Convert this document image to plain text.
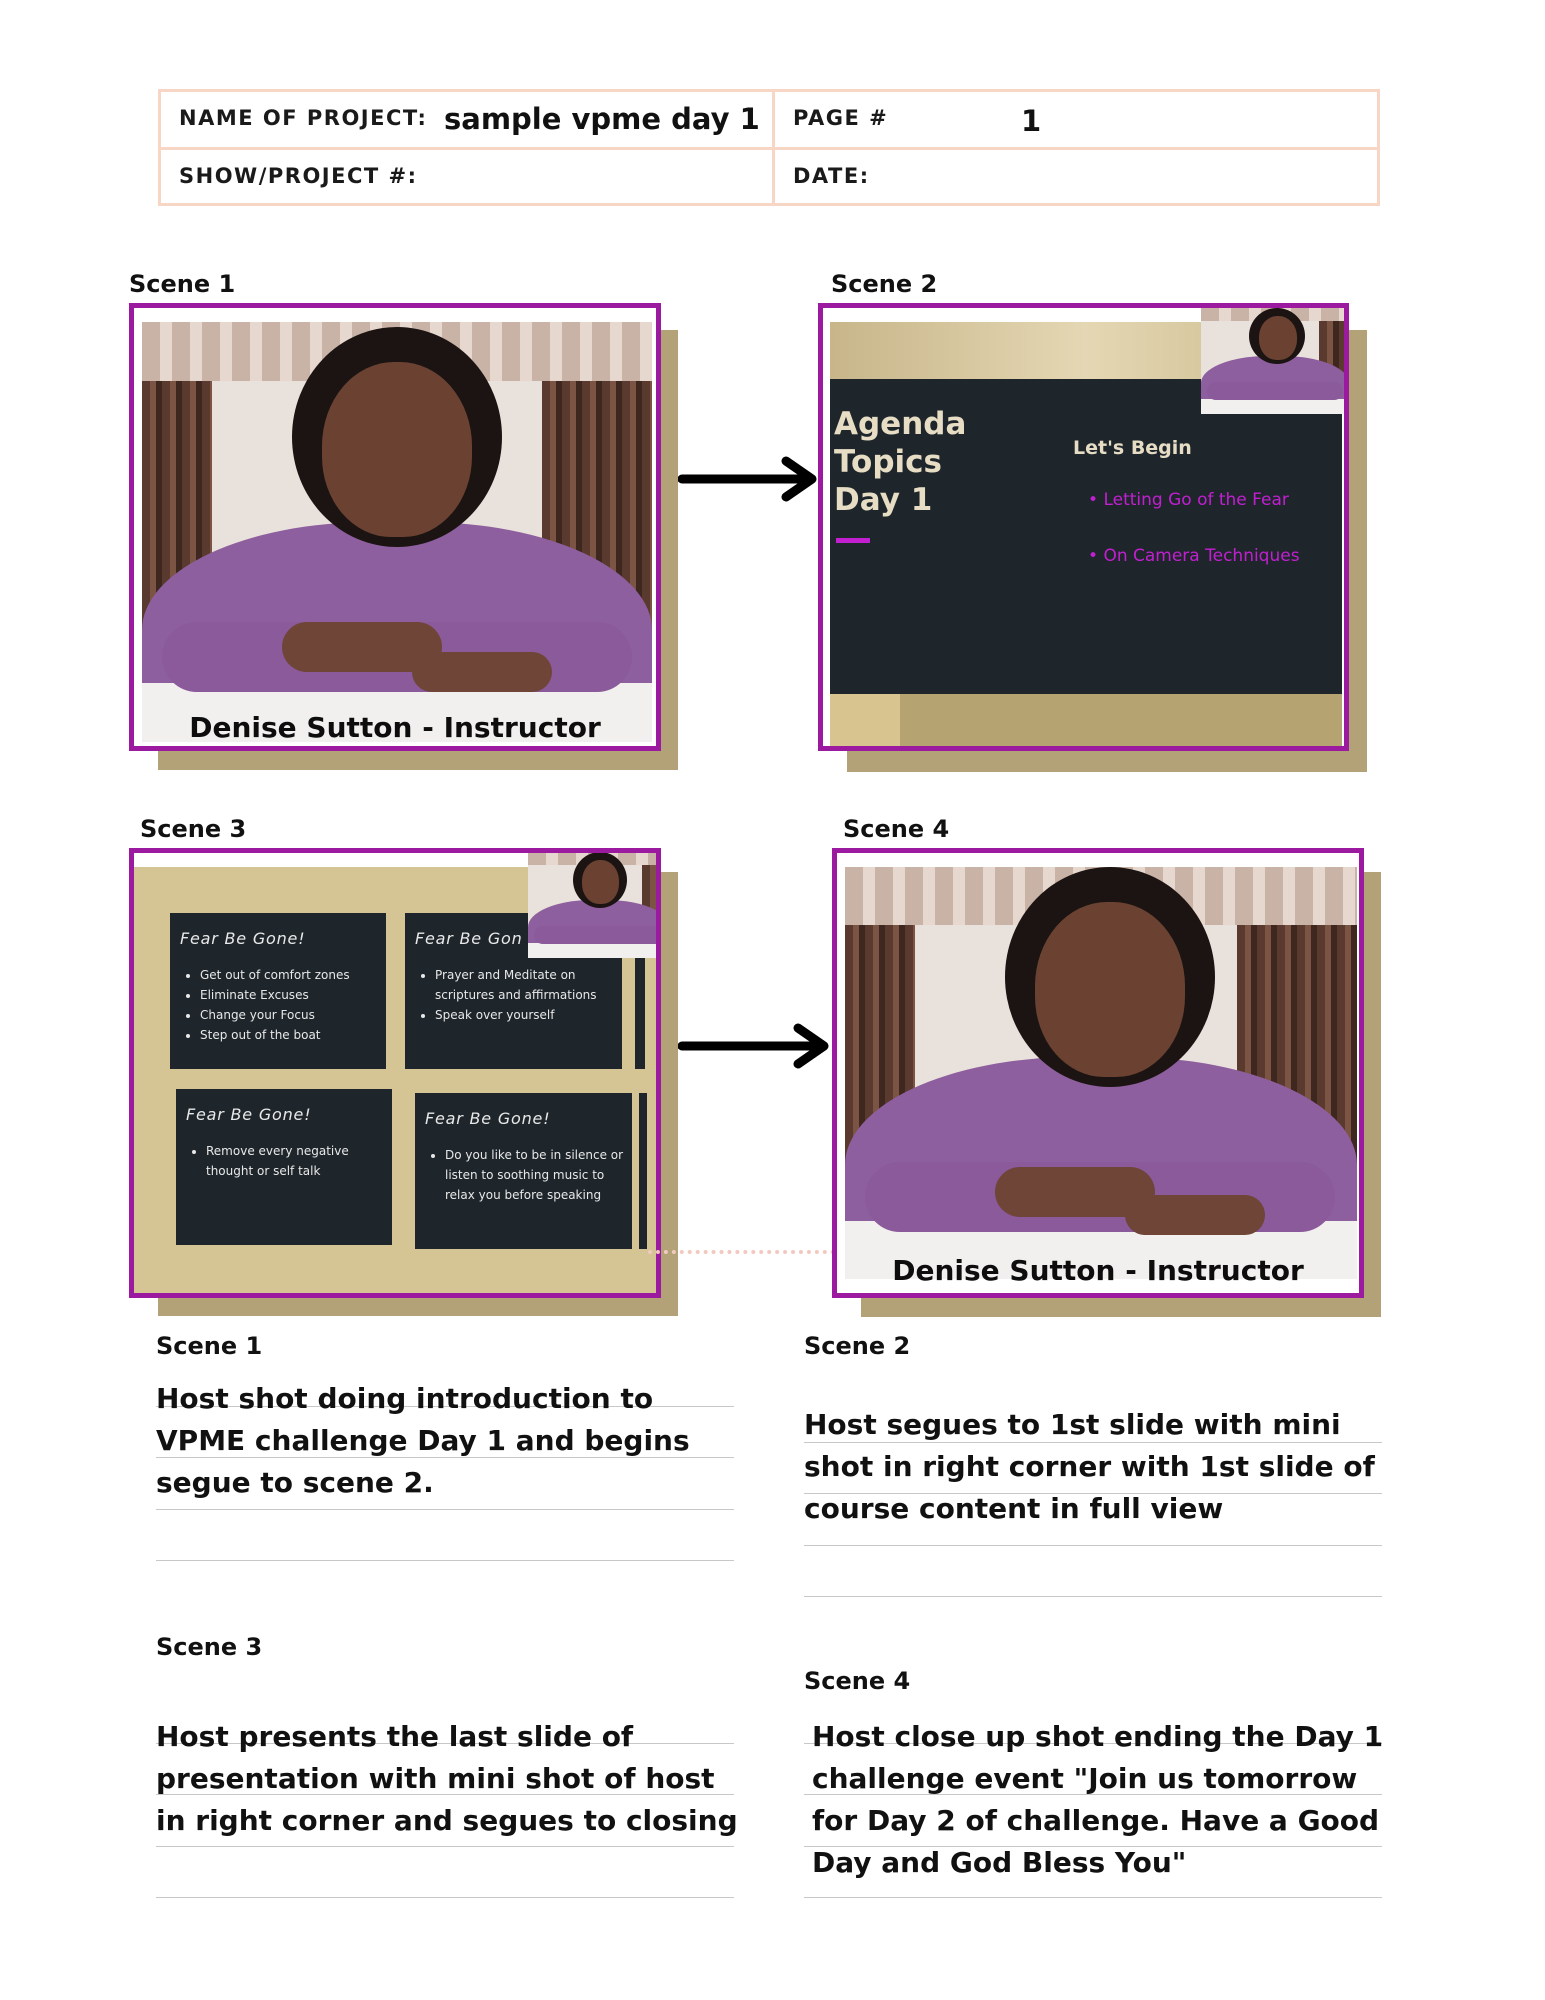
NAME OF PROJECT: sample vpme day 1 PAGE #	1
SHOW/PROJECT #:	DATE:
Scene 1
Denise Sutton - Instructor
Scene 2
Agenda
Topics
Day 1
Let's Begin
• Letting Go of the Fear
• On Camera Techniques
Scene 3
Fear Be Gone!
• Get out of comfort zones
• Eliminate Excuses
• Change your Focus
• Step out of the boat
Fear Be Gon
• Prayer and Meditate on scriptures and affirmations
• Speak over yourself
Fear Be Gone!
• Remove every negative thought or self talk
Fear Be Gone!
• Do you like to be in silence or listen to soothing music to relax you before speaking
Scene 4
Denise Sutton - Instructor
Scene 1
Host shot doing introduction to VPME challenge Day 1 and begins segue to scene 2.
Scene 2
Host segues to 1st slide with mini shot in right corner with 1st slide of course content in full view
Scene 3
Host presents the last slide of presentation with mini shot of host in right corner and segues to closing
Scene 4
Host close up shot ending the Day 1 challenge event "Join us tomorrow for Day 2 of challenge. Have a Good Day and God Bless You"
